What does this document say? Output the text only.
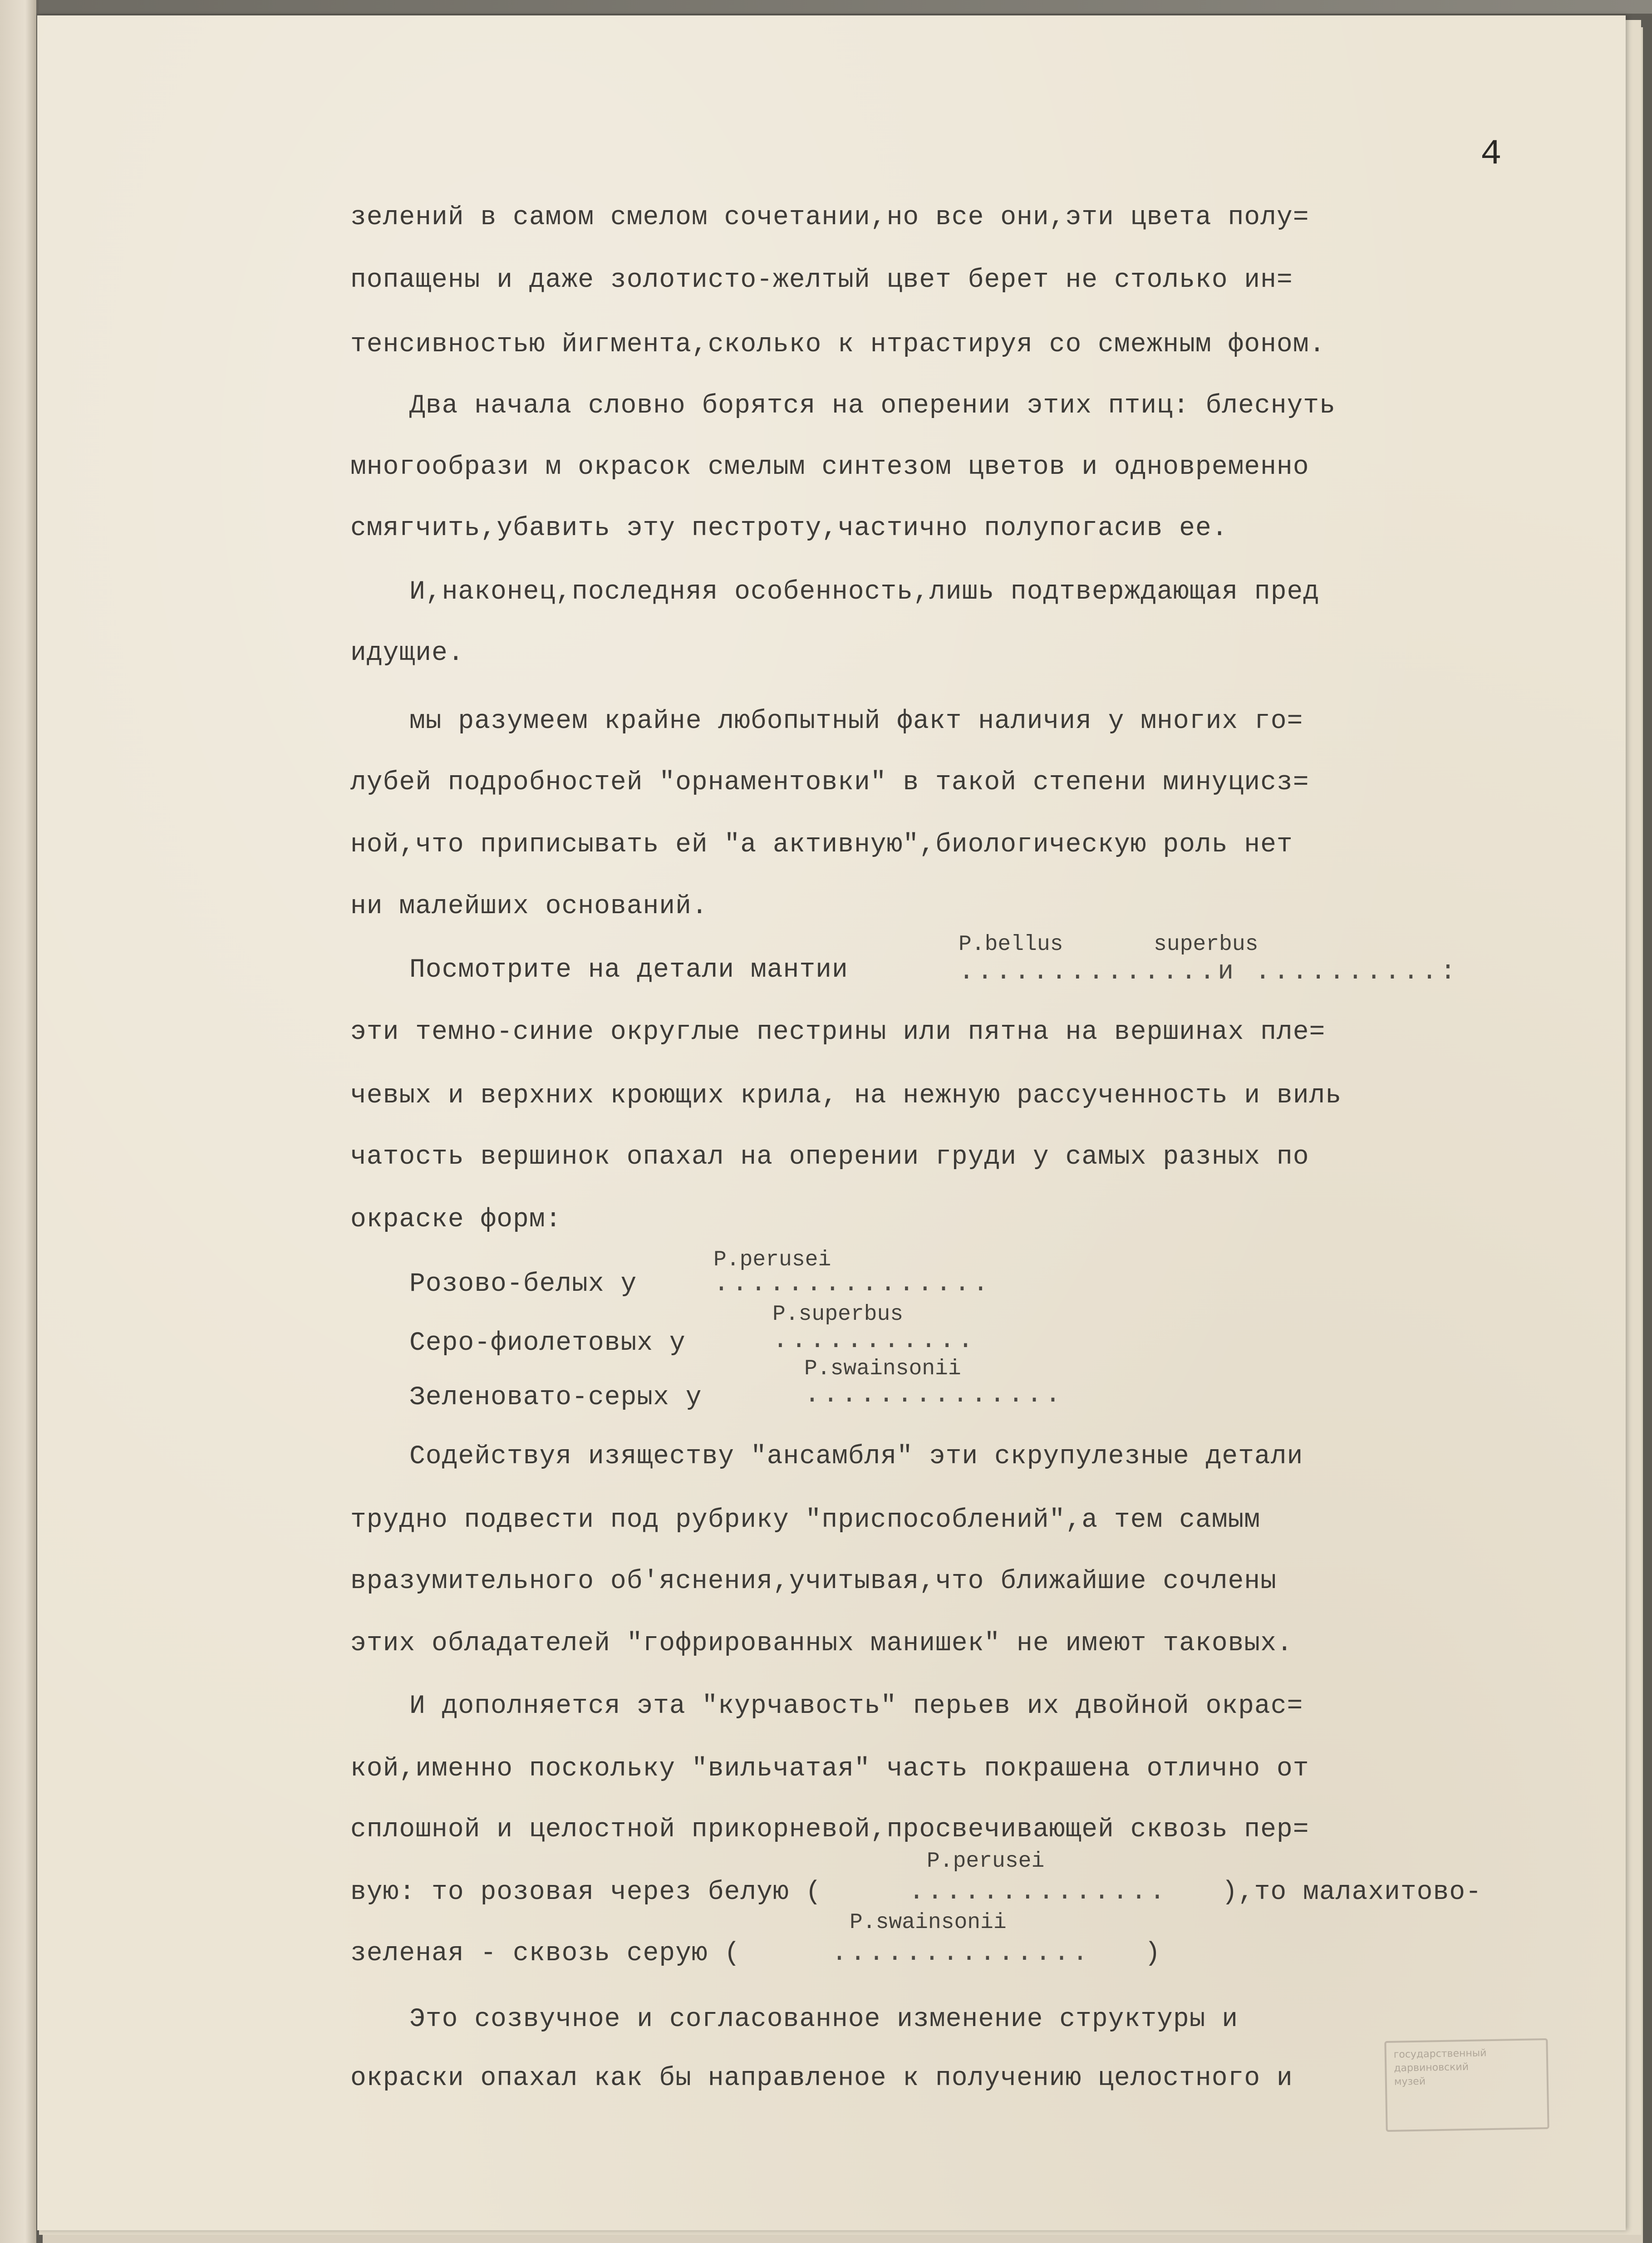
4
зелений в самом смелом сочетании,но все они,эти цвета полу=
попащены и даже золотисто-желтый цвет берет не столько ин=
тенсивностью йигмента,сколько к нтрастируя со смежным фоном.
Два начала словно борятся на оперении этих птиц: блеснуть
многообрази м окрасок смелым синтезом цветов и одновременно
смягчить,убавить эту пестроту,частично полупогасив ее.
И,наконец,последняя особенность,лишь подтверждающая пред
идущие.
мы разумеем крайне любопытный факт наличия у многих го=
лубей подробностей "орнаментовки" в такой степени минуцисз=
ной,что приписывать ей "а активную",биологическую роль нет
ни малейших оснований.
Посмотрите на детали мантии
P.bellus	superbus
..............и ..........:
эти темно-синие округлые пестрины или пятна на вершинах пле=
чевых и верхних кроющих крила, на нежную рассученность и виль
чатость вершинок опахал на оперении груди у самых разных по
окраске форм:
Розово-белых у
P.perusei
...............
Серо-фиолетовых у
P.superbus
...........
Зеленовато-серых у
P.swainsonii
..............
Содействуя изяществу "ансамбля" эти скрупулезные детали
трудно подвести под рубрику "приспособлений",а тем самым
вразумительного об'яснения,учитывая,что ближайшие сочлены
этих обладателей "гофрированных манишек" не имеют таковых.
И дополняется эта "курчавость" перьев их двойной окрас=
кой,именно поскольку "вильчатая" часть покрашена отлично от
сплошной и целостной прикорневой,просвечивающей сквозь пер=
вую: то розовая через белую (
P.perusei
.............. ),то малахитово-
зеленая - сквозь серую (
P.swainsonii
.............. )
Это созвучное и согласованное изменение структуры и
окраски опахал как бы направленое к получению целостного и
государственный
дарвиновский
музей
